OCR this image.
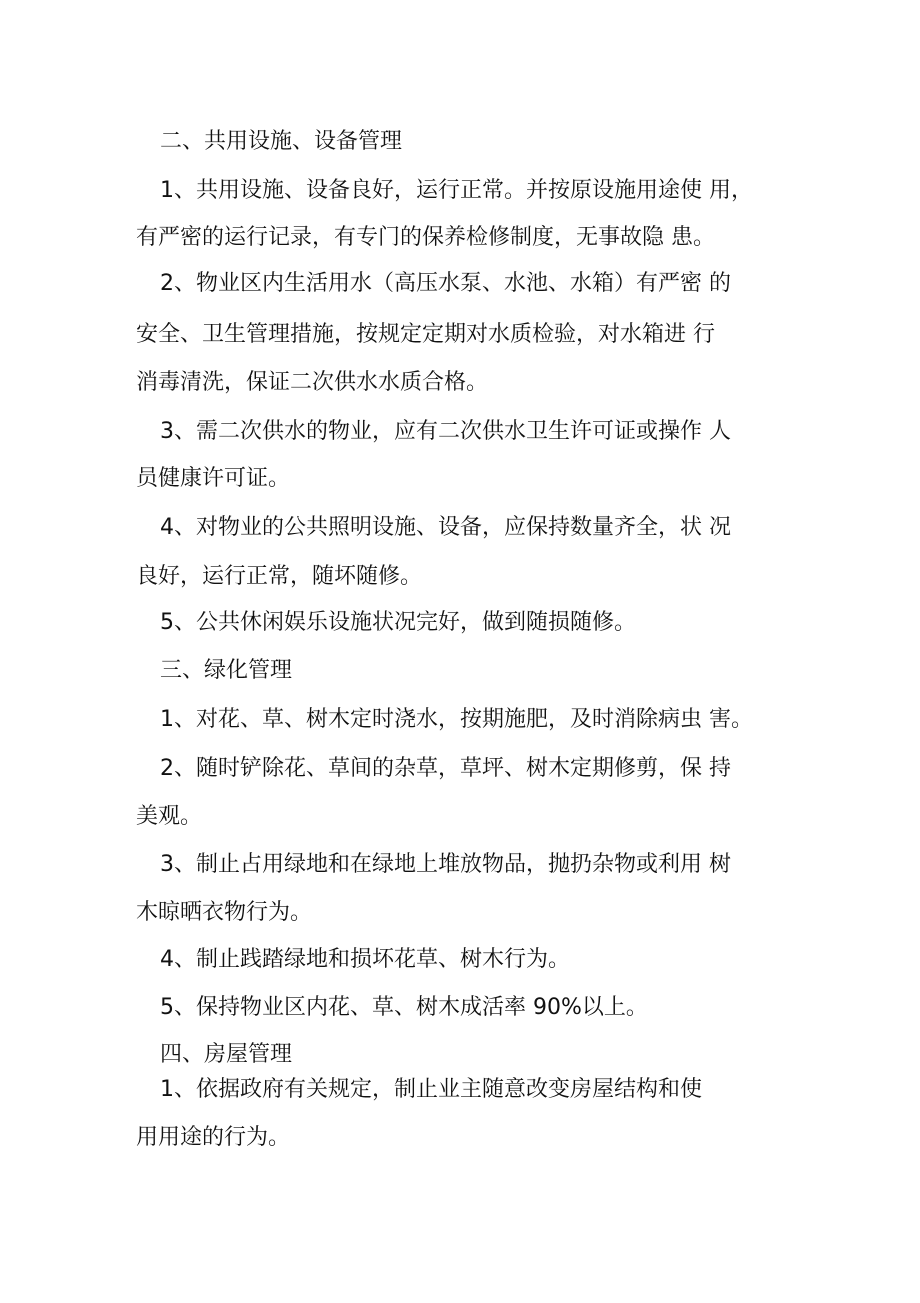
二、共用设施、设备管理
1、共用设施、设备良好，运行正常。并按原设施用途使 用，
有严密的运行记录，有专门的保养检修制度，无事故隐 患。
2、物业区内生活用水（高压水泵、水池、水箱）有严密 的
安全、卫生管理措施，按规定定期对水质检验，对水箱进 行
消毒清洗，保证二次供水水质合格。
3、需二次供水的物业，应有二次供水卫生许可证或操作 人
员健康许可证。
4、对物业的公共照明设施、设备，应保持数量齐全，状 况
良好，运行正常，随坏随修。
5、公共休闲娱乐设施状况完好，做到随损随修。
三、绿化管理
1、对花、草、树木定时浇水，按期施肥，及时消除病虫 害。
2、随时铲除花、草间的杂草，草坪、树木定期修剪，保 持
美观。
3、制止占用绿地和在绿地上堆放物品，抛扔杂物或利用 树
木晾晒衣物行为。
4、制止践踏绿地和损坏花草、树木行为。
5、保持物业区内花、草、树木成活率 90%以上。
四、房屋管理
1、依据政府有关规定，制止业主随意改变房屋结构和使
用用途的行为。
